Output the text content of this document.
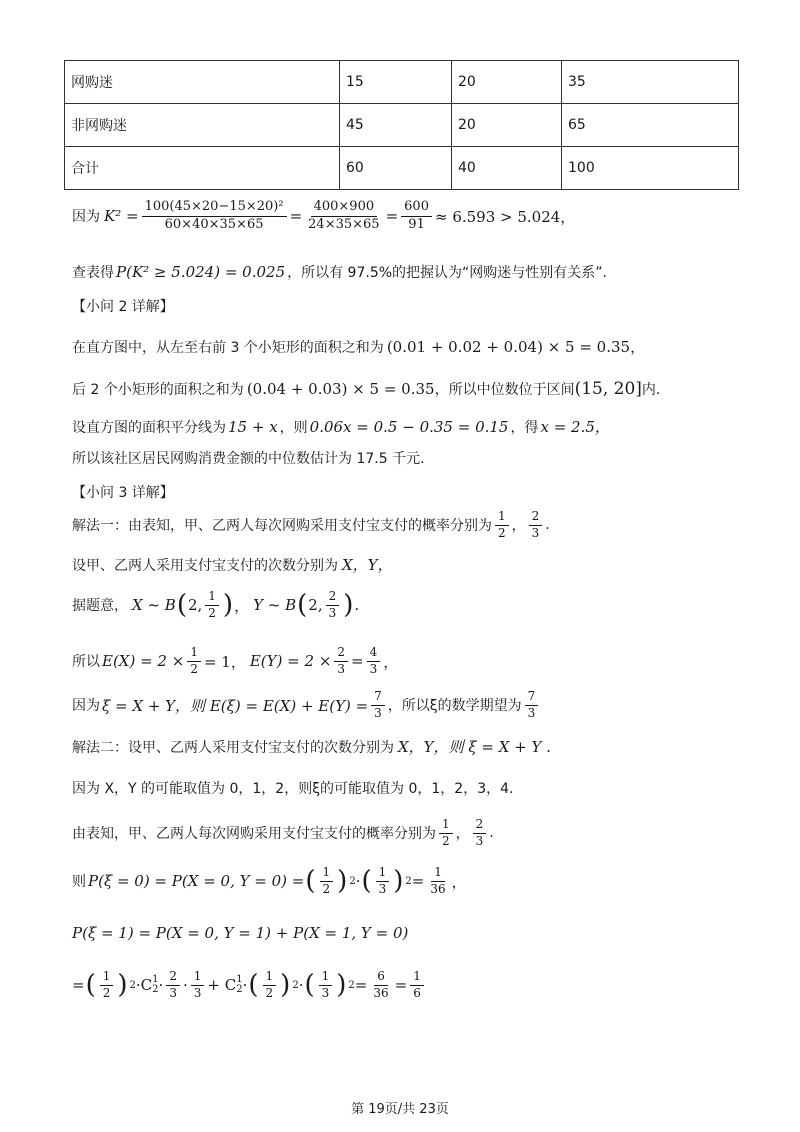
网购迷	15	20	35
非网购迷	45	20	65
合计	60	40	100
因为 $K^2 = \frac{\text{100(45×20−15×20)²}}{60\times 40\times 35\times 65} = \frac{400\times 900}{24\times 35\times 65} = \frac{600}{91} \approx 6.593 > 5.024$，
查表得 P(K² ≥ 5.024) = 0.025 ，所以有 97.5%的把握认为“网购迷与性别有关系”.
【小问 2 详解】
在直方图中，从左至右前 3 个小矩形的面积之和为 (0.01 + 0.02 + 0.04) × 5 = 0.35，
后 2 个小矩形的面积之和为 (0.04 + 0.03) × 5 = 0.35 ，所以中位数位于区间 (15, 20] 内.
设直方图的面积平分线为 15 + x ，则 0.06x = 0.5 − 0.35 = 0.15 ，得 x = 2.5，
所以该社区居民网购消费金额的中位数估计为 17.5 千元.
【小问 3 详解】
解法一：由表知，甲、乙两人每次网购采用支付宝支付的概率分别为 $\frac{1}{2}$ ， $\frac{2}{3}$ .
设甲、乙两人采用支付宝支付的次数分别为 X，Y，
据题意， X ~ B ( 2, $\frac{1}{2}$ ) ， Y ~ B ( 2, $\frac{2}{3}$ ) .
所以 $E(X) = 2 \times \frac{1}{2} = 1$， $E(Y) = 2 \times \frac{2}{3} = \frac{4}{3}$ ，
因为 ξ = X + Y，则 $E(\xi) = E(X) + E(Y) = \frac{7}{3}$ ，所以ξ的数学期望为 $\frac{7}{3}$
解法二：设甲、乙两人采用支付宝支付的次数分别为 X，Y，则 ξ = X + Y .
因为 X，Y 的可能取值为 0，1，2，则ξ的可能取值为 0，1，2，3，4.
由表知，甲、乙两人每次网购采用支付宝支付的概率分别为 $\frac{1}{2}$ ， $\frac{2}{3}$ .
则 P(ξ = 0) = P(X = 0, Y = 0) = ( $\frac{1}{2}$ ) 2 · ( $\frac{1}{3}$ ) $2 = \frac{1}{36}$ ，
P(ξ = 1) = P(X = 0, Y = 1) + P(X = 1, Y = 0)
= ( $\frac{1}{2}$ ) 2 ·C 1
$2 \cdot \frac{2}{3} \cdot \frac{1}{3} + C$ 1
2 · ( $\frac{1}{2}$ ) 2 · ( $\frac{1}{3}$ ) $2 = \frac{6}{36} = \frac{1}{6}$
第 19页/共 23页
